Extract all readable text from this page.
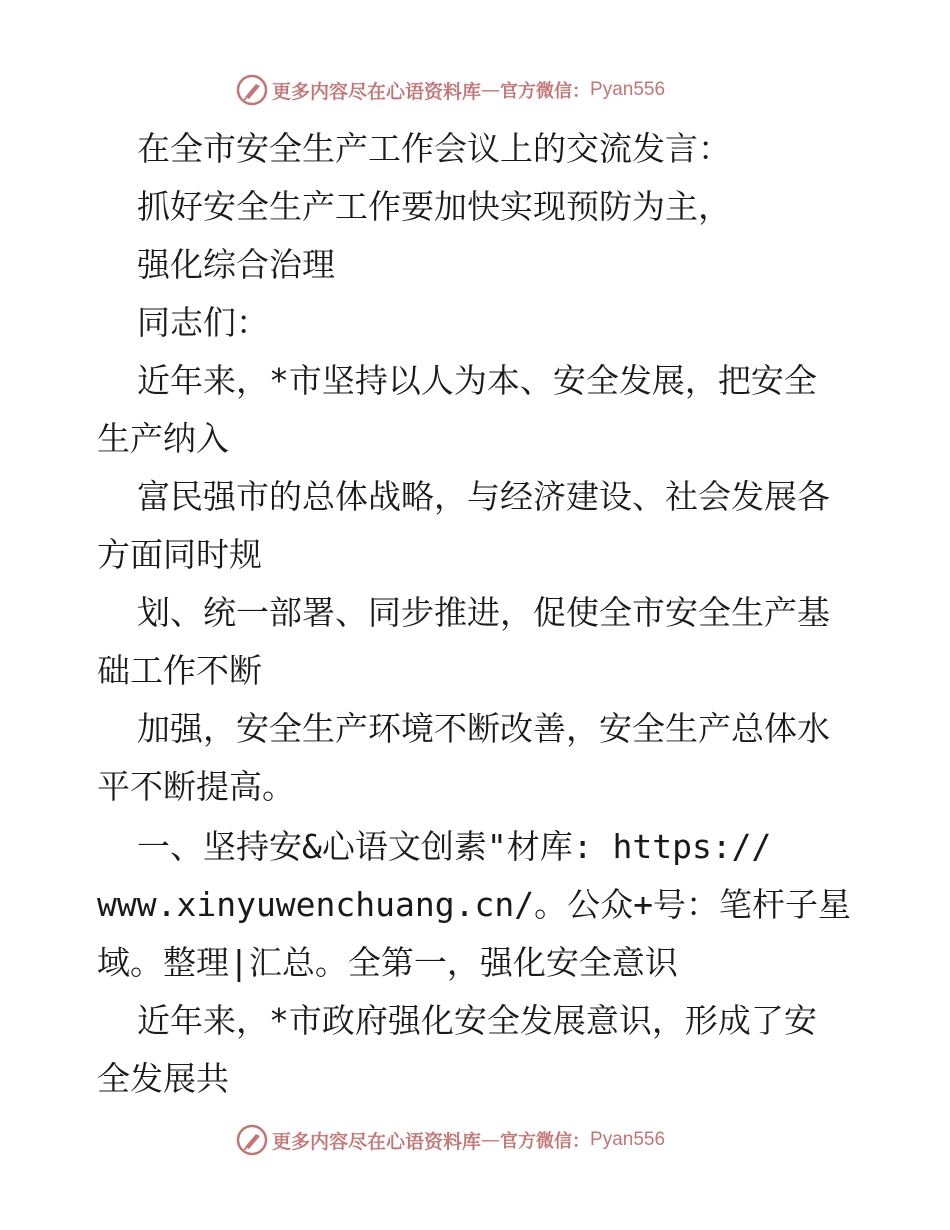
更多内容尽在心语资料库 — 官方微信： Pyan556
在全市安全生产工作会议上的交流发言：
抓好安全生产工作要加快实现预防为主，
强化综合治理
同志们：
近年来，*市坚持以人为本、安全发展，把安全
生产纳入
富民强市的总体战略，与经济建设、社会发展各
方面同时规
划、统一部署、同步推进，促使全市安全生产基
础工作不断
加强，安全生产环境不断改善，安全生产总体水
平不断提高。
一、坚持安&心语文创素"材库: https://
www.xinyuwenchuang.cn/。公众+号：笔杆子星
域。整理|汇总。全第一，强化安全意识
近年来，*市政府强化安全发展意识，形成了安
全发展共
更多内容尽在心语资料库 — 官方微信： Pyan556
